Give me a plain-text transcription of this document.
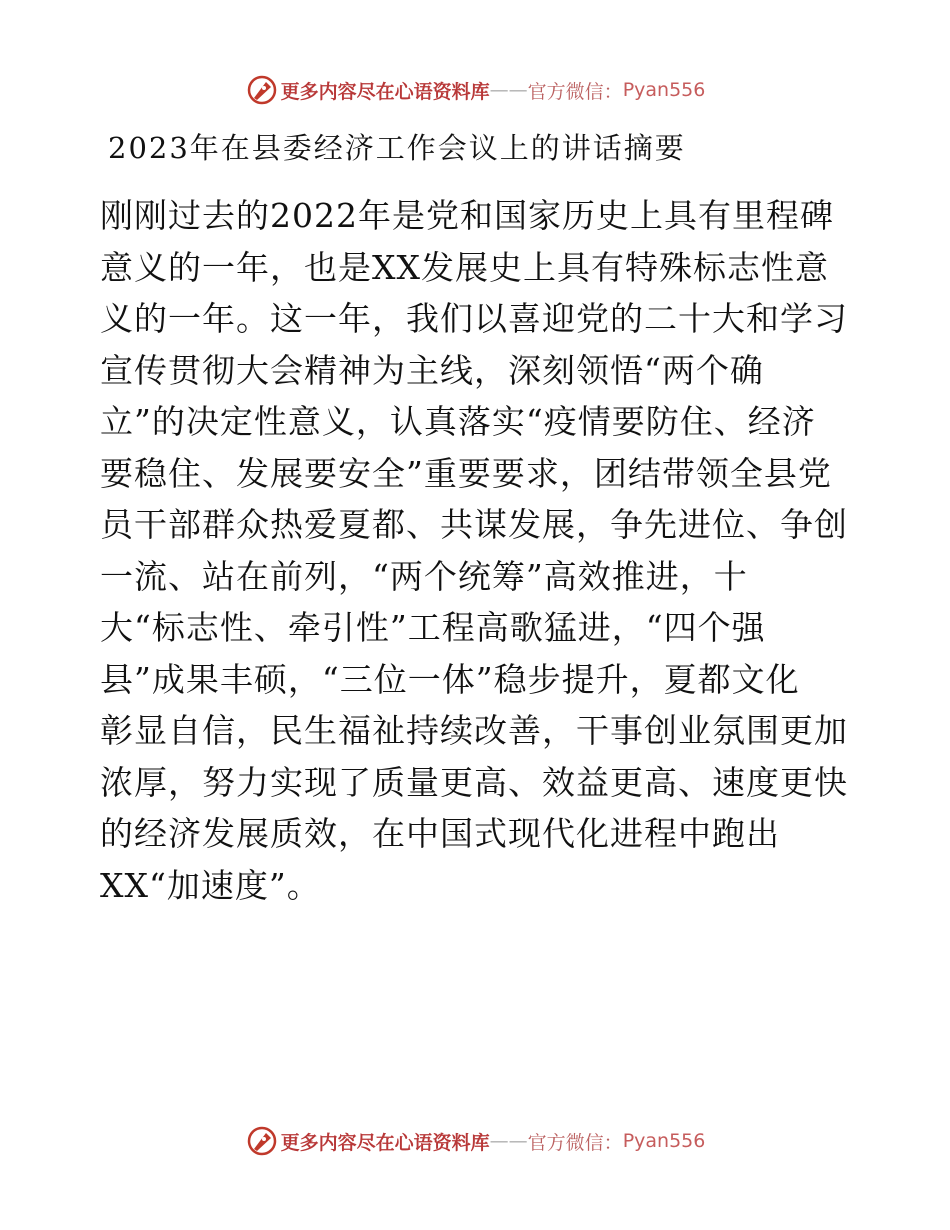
更多内容尽在心语资料库 —— 官方微信： Pyan556
2023年在县委经济工作会议上的讲话摘要

刚刚过去的2022年是党和国家历史上具有里程碑
意义的一年，也是XX发展史上具有特殊标志性意
义的一年。这一年，我们以喜迎党的二十大和学习
宣传贯彻大会精神为主线，深刻领悟“两个确
立”的决定性意义，认真落实“疫情要防住、经济
要稳住、发展要安全”重要要求，团结带领全县党
员干部群众热爱夏都、共谋发展，争先进位、争创
一流、站在前列，“两个统筹”高效推进，十
大“标志性、牵引性”工程高歌猛进，“四个强
县”成果丰硕，“三位一体”稳步提升，夏都文化
彰显自信，民生福祉持续改善，干事创业氛围更加
浓厚，努力实现了质量更高、效益更高、速度更快
的经济发展质效，在中国式现代化进程中跑出
XX“加速度”。

更多内容尽在心语资料库 —— 官方微信： Pyan556
